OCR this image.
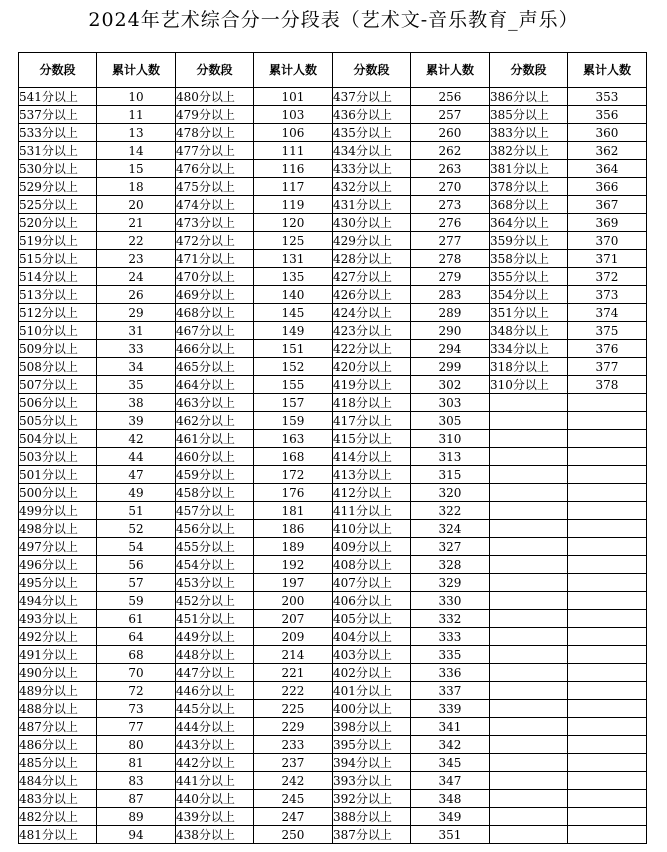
2024年艺术综合分一分段表（艺术文-音乐教育_声乐）
分数段	累计人数	分数段	累计人数	分数段	累计人数	分数段	累计人数
541分以上	10	480分以上	101	437分以上	256	386分以上	353
537分以上	11	479分以上	103	436分以上	257	385分以上	356
533分以上	13	478分以上	106	435分以上	260	383分以上	360
531分以上	14	477分以上	111	434分以上	262	382分以上	362
530分以上	15	476分以上	116	433分以上	263	381分以上	364
529分以上	18	475分以上	117	432分以上	270	378分以上	366
525分以上	20	474分以上	119	431分以上	273	368分以上	367
520分以上	21	473分以上	120	430分以上	276	364分以上	369
519分以上	22	472分以上	125	429分以上	277	359分以上	370
515分以上	23	471分以上	131	428分以上	278	358分以上	371
514分以上	24	470分以上	135	427分以上	279	355分以上	372
513分以上	26	469分以上	140	426分以上	283	354分以上	373
512分以上	29	468分以上	145	424分以上	289	351分以上	374
510分以上	31	467分以上	149	423分以上	290	348分以上	375
509分以上	33	466分以上	151	422分以上	294	334分以上	376
508分以上	34	465分以上	152	420分以上	299	318分以上	377
507分以上	35	464分以上	155	419分以上	302	310分以上	378
506分以上	38	463分以上	157	418分以上	303		
505分以上	39	462分以上	159	417分以上	305		
504分以上	42	461分以上	163	415分以上	310		
503分以上	44	460分以上	168	414分以上	313		
501分以上	47	459分以上	172	413分以上	315		
500分以上	49	458分以上	176	412分以上	320		
499分以上	51	457分以上	181	411分以上	322		
498分以上	52	456分以上	186	410分以上	324		
497分以上	54	455分以上	189	409分以上	327		
496分以上	56	454分以上	192	408分以上	328		
495分以上	57	453分以上	197	407分以上	329		
494分以上	59	452分以上	200	406分以上	330		
493分以上	61	451分以上	207	405分以上	332		
492分以上	64	449分以上	209	404分以上	333		
491分以上	68	448分以上	214	403分以上	335		
490分以上	70	447分以上	221	402分以上	336		
489分以上	72	446分以上	222	401分以上	337		
488分以上	73	445分以上	225	400分以上	339		
487分以上	77	444分以上	229	398分以上	341		
486分以上	80	443分以上	233	395分以上	342		
485分以上	81	442分以上	237	394分以上	345		
484分以上	83	441分以上	242	393分以上	347		
483分以上	87	440分以上	245	392分以上	348		
482分以上	89	439分以上	247	388分以上	349		
481分以上	94	438分以上	250	387分以上	351		
